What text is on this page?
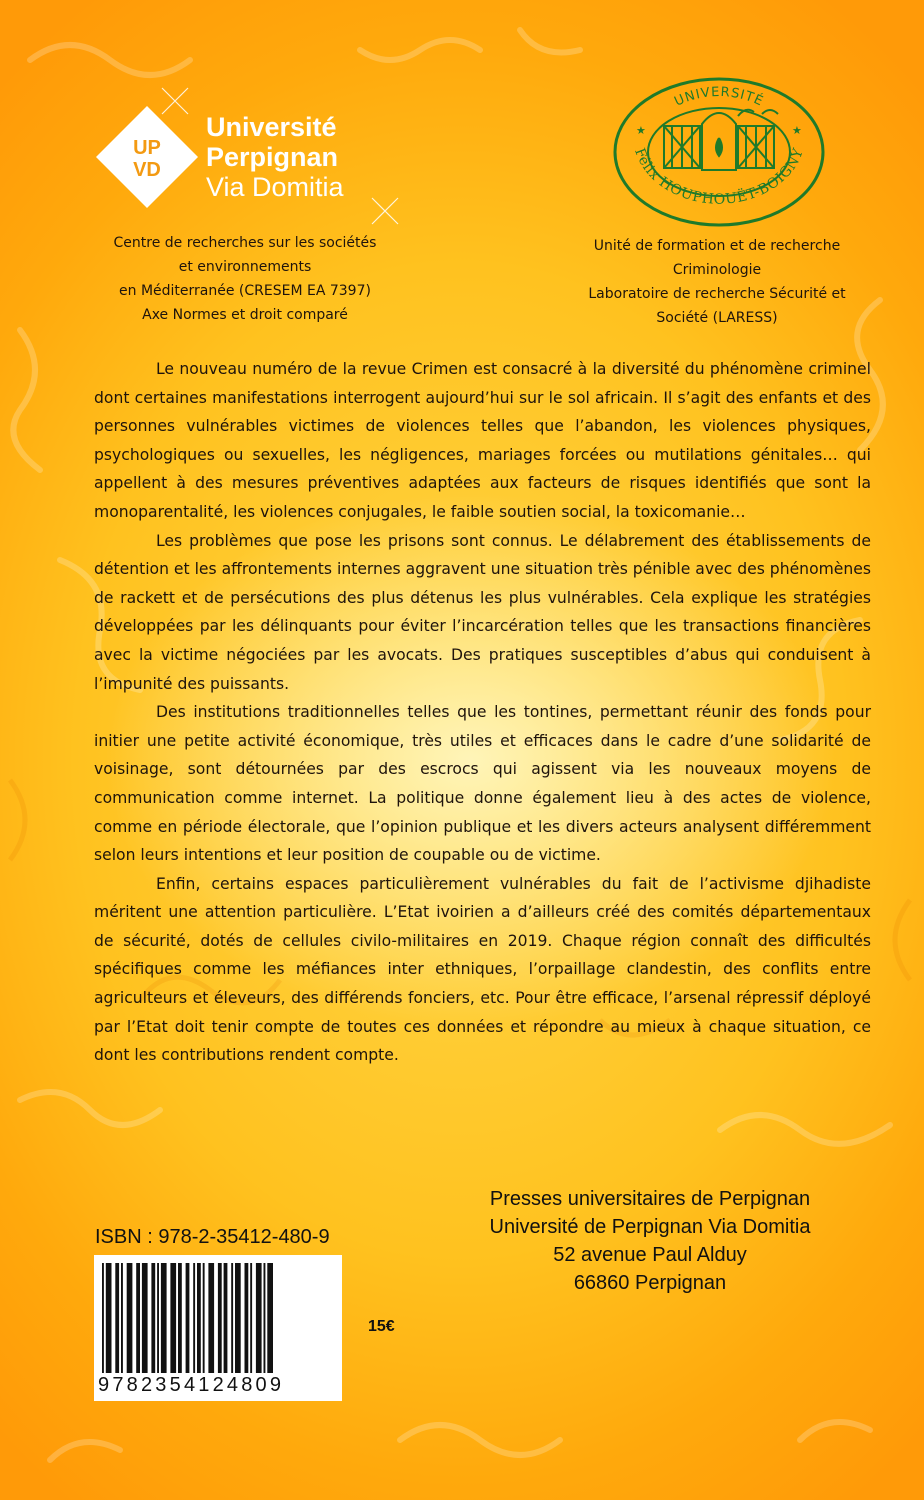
UP
VD
Université
Perpignan
Via Domitia
Centre de recherches sur les sociétés
et environnements
en Méditerranée (CRESEM EA 7397)
Axe Normes et droit comparé
UNIVERSITÉ
Félix HOUPHOUËT-BOIGNY
★	★
Unité de formation et de recherche
Criminologie
Laboratoire de recherche Sécurité et
Société (LARESS)

Le nouveau numéro de la revue Crimen est consacré à la diversité du phénomène criminel dont certaines manifestations interrogent aujourd’hui sur le sol africain. Il s’agit des enfants et des personnes vulnérables victimes de violences telles que l’abandon, les violences physiques, psychologiques ou sexuelles, les négligences, mariages forcées ou mutilations génitales… qui appellent à des mesures préventives adaptées aux facteurs de risques identifiés que sont la monoparentalité, les violences conjugales, le faible soutien social, la toxicomanie…

Les problèmes que pose les prisons sont connus. Le délabrement des établissements de détention et les affrontements internes aggravent une situation très pénible avec des phénomènes de rackett et de persécutions des plus détenus les plus vulnérables. Cela explique les stratégies développées par les délinquants pour éviter l’incarcération telles que les transactions financières avec la victime négociées par les avocats. Des pratiques susceptibles d’abus qui conduisent à l’impunité des puissants.

Des institutions traditionnelles telles que les tontines, permettant réunir des fonds pour initier une petite activité économique, très utiles et efficaces dans le cadre d’une solidarité de voisinage, sont détournées par des escrocs qui agissent via les nouveaux moyens de communication comme internet. La politique donne également lieu à des actes de violence, comme en période électorale, que l’opinion publique et les divers acteurs analysent différemment selon leurs intentions et leur position de coupable ou de victime.

Enfin, certains espaces particulièrement vulnérables du fait de l’activisme djihadiste méritent une attention particulière. L’Etat ivoirien a d’ailleurs créé des comités départementaux de sécurité, dotés de cellules civilo-militaires en 2019. Chaque région connaît des difficultés spécifiques comme les méfiances inter ethniques, l’orpaillage clandestin, des conflits entre agriculteurs et éleveurs, des différends fonciers, etc. Pour être efficace, l’arsenal répressif déployé par l’Etat doit tenir compte de toutes ces données et répondre au mieux à chaque situation, ce dont les contributions rendent compte.

Presses universitaires de Perpignan
Université de Perpignan Via Domitia
52 avenue Paul Alduy
66860 Perpignan
ISBN : 978-2-35412-480-9
9782354124809
15€
